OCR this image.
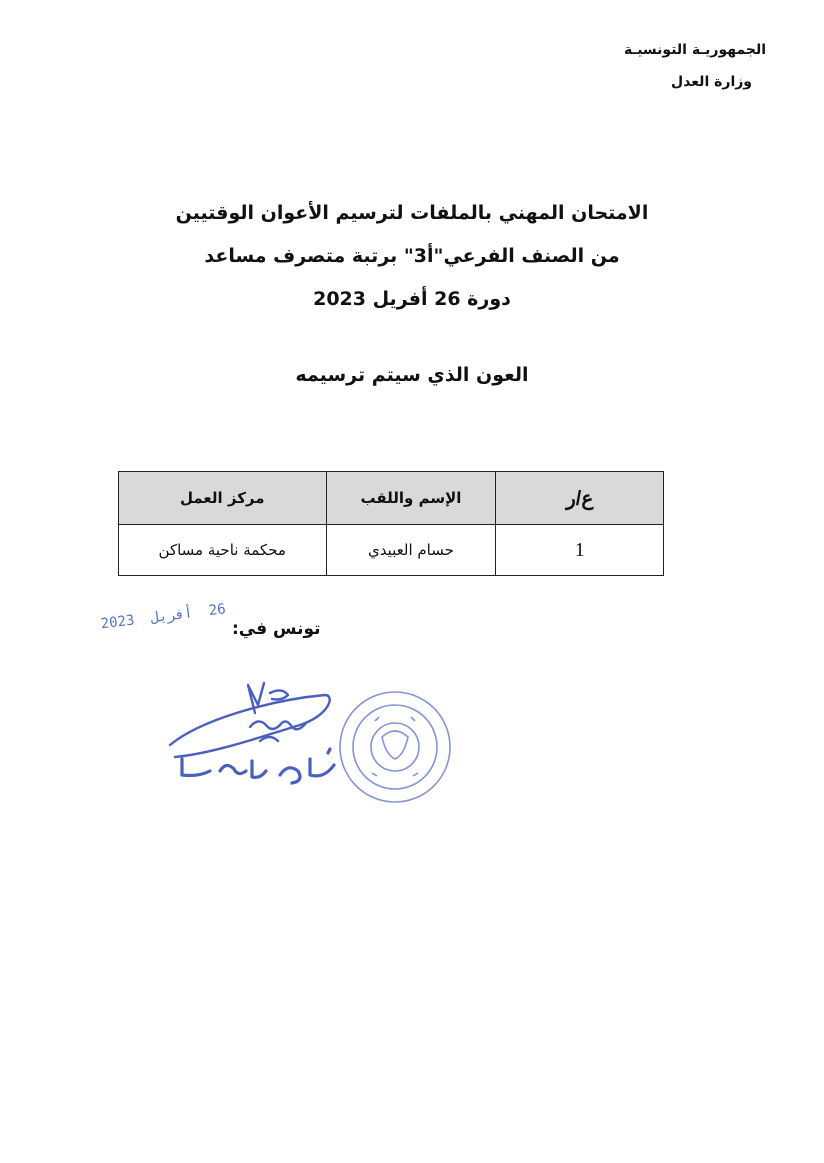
الجمهوريـة التونسيـة
وزارة العدل
الامتحان المهني بالملفات لترسيم الأعوان الوقتيين
من الصنف الفرعي"أ3" برتبة متصرف مساعد
دورة 26 أفريل 2023
العون الذي سيتم ترسيمه
ع/ر	الإسم واللقب	مركز العمل
1	حسام العبيدي	محكمة ناحية مساكن
تونس في:
26 أفريل 2023
